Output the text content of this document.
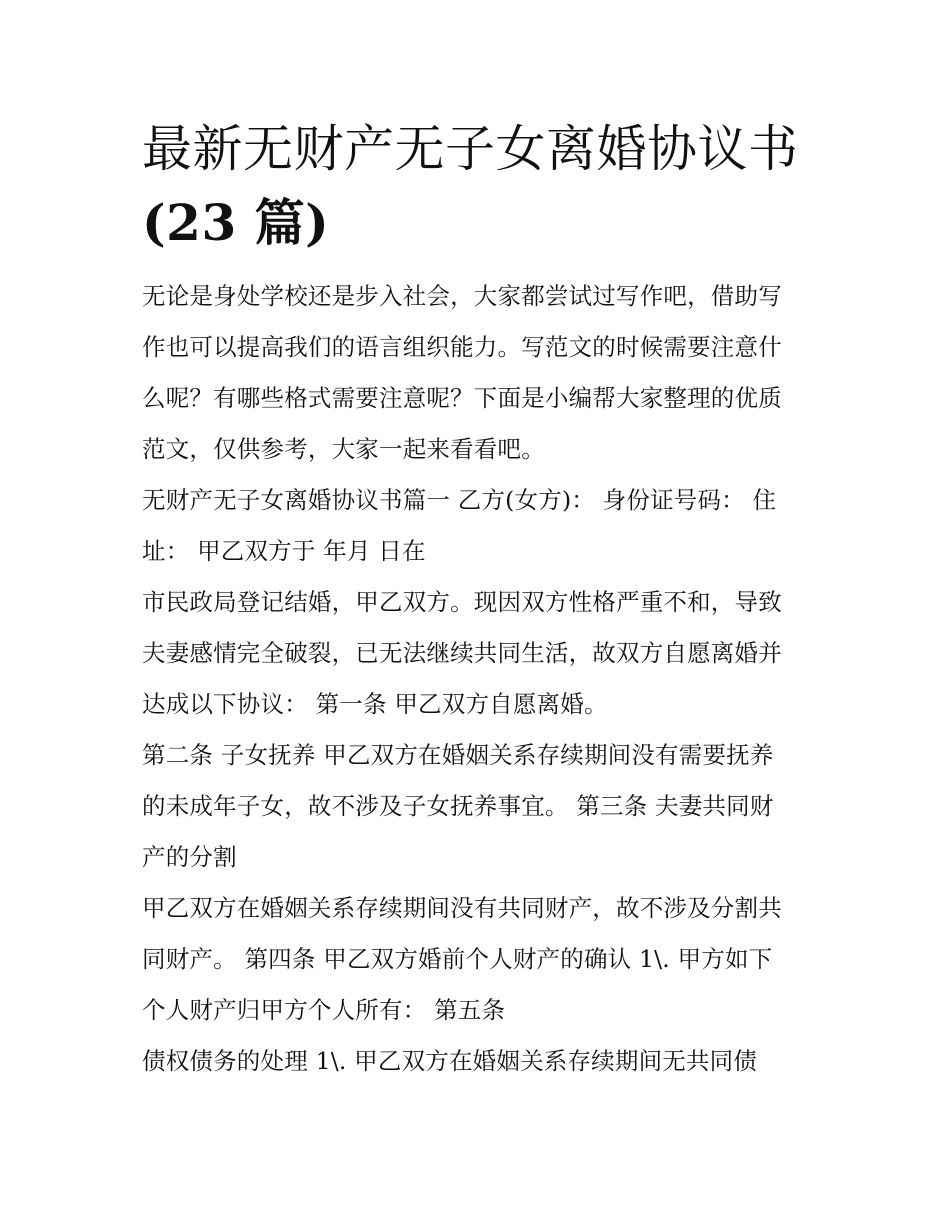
最新无财产无子女离婚协议书
(23 篇)

无论是身处学校还是步入社会，大家都尝试过写作吧，借助写
作也可以提高我们的语言组织能力。写范文的时候需要注意什
么呢？有哪些格式需要注意呢？下面是小编帮大家整理的优质
范文，仅供参考，大家一起来看看吧。

无财产无子女离婚协议书篇一 乙方(女方)： 身份证号码： 住
址： 甲乙双方于 年月 日在

市民政局登记结婚，甲乙双方。现因双方性格严重不和，导致
夫妻感情完全破裂，已无法继续共同生活，故双方自愿离婚并
达成以下协议： 第一条 甲乙双方自愿离婚。

第二条 子女抚养 甲乙双方在婚姻关系存续期间没有需要抚养
的未成年子女，故不涉及子女抚养事宜。 第三条 夫妻共同财
产的分割

甲乙双方在婚姻关系存续期间没有共同财产，故不涉及分割共
同财产。 第四条 甲乙双方婚前个人财产的确认 1\. 甲方如下
个人财产归甲方个人所有： 第五条

债权债务的处理 1\. 甲乙双方在婚姻关系存续期间无共同债
